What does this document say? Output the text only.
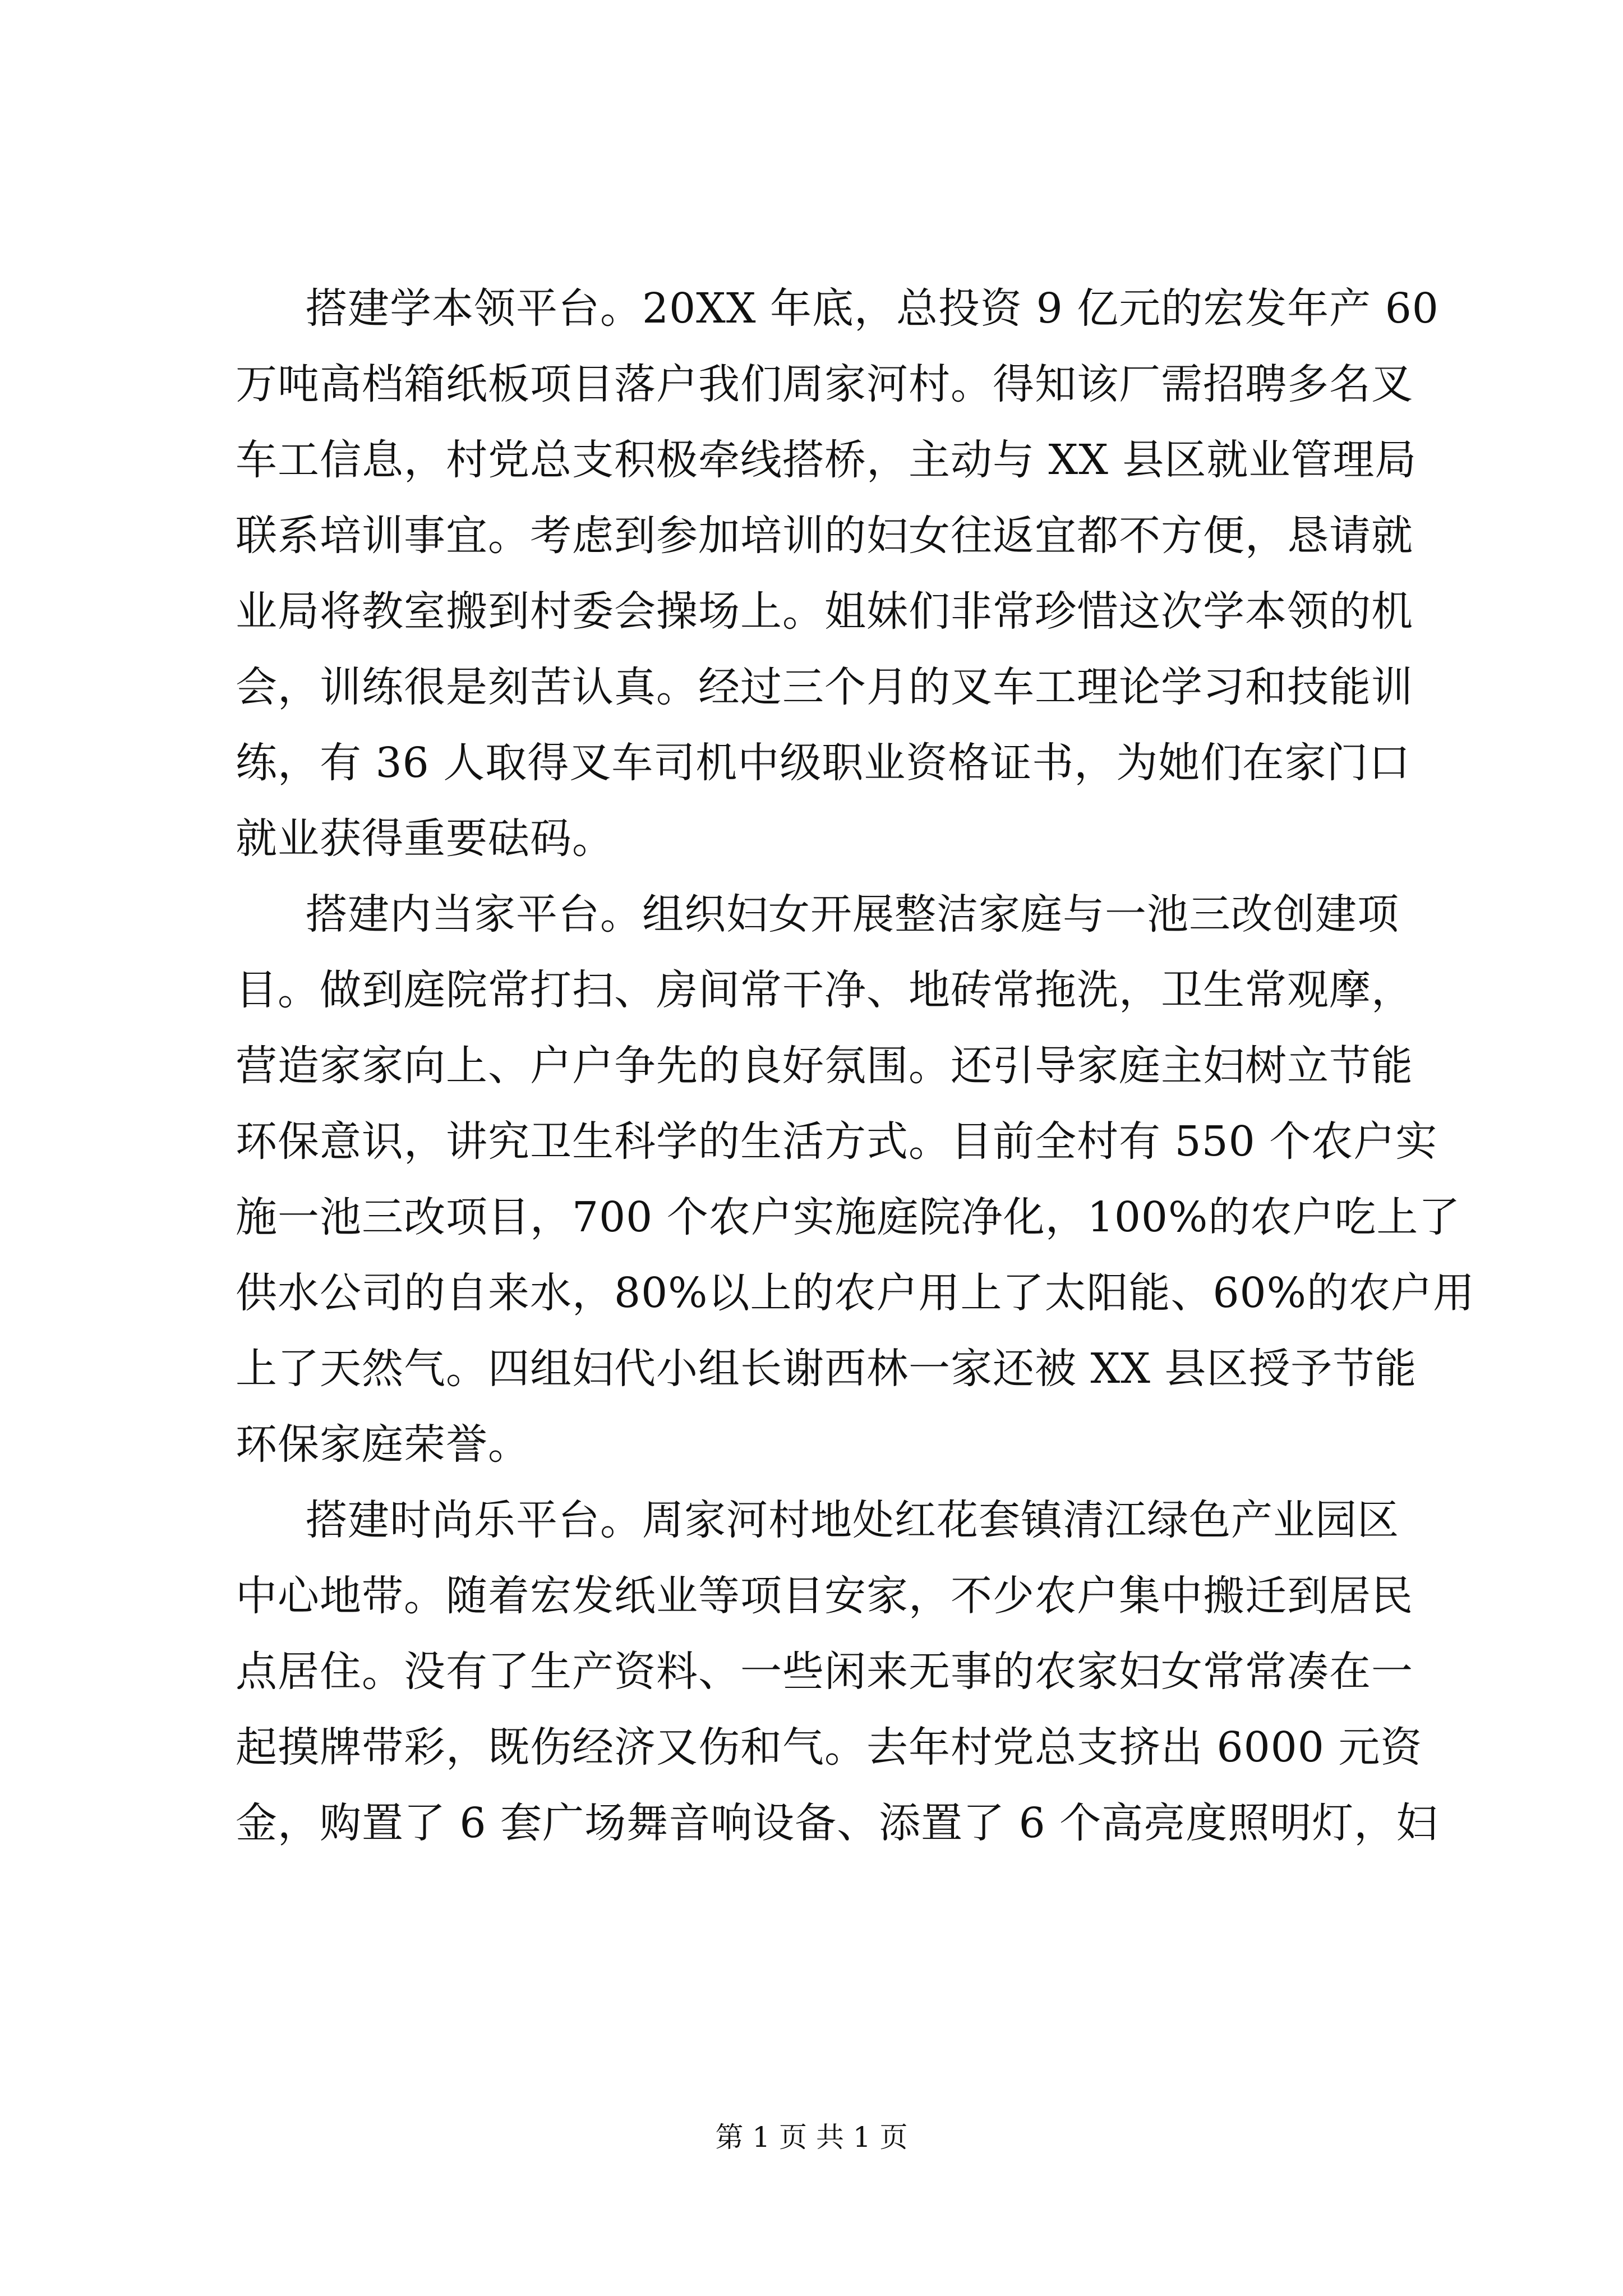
搭建学本领平台。20XX 年底，总投资 9 亿元的宏发年产 60
万吨高档箱纸板项目落户我们周家河村。得知该厂需招聘多名叉
车工信息，村党总支积极牵线搭桥，主动与 XX 县区就业管理局
联系培训事宜。考虑到参加培训的妇女往返宜都不方便，恳请就
业局将教室搬到村委会操场上。姐妹们非常珍惜这次学本领的机
会，训练很是刻苦认真。经过三个月的叉车工理论学习和技能训
练，有 36 人取得叉车司机中级职业资格证书，为她们在家门口
就业获得重要砝码。
搭建内当家平台。组织妇女开展整洁家庭与一池三改创建项
目。做到庭院常打扫、房间常干净、地砖常拖洗，卫生常观摩，
营造家家向上、户户争先的良好氛围。还引导家庭主妇树立节能
环保意识，讲究卫生科学的生活方式。目前全村有 550 个农户实
施一池三改项目，700 个农户实施庭院净化，100%的农户吃上了
供水公司的自来水，80%以上的农户用上了太阳能、60%的农户用
上了天然气。四组妇代小组长谢西林一家还被 XX 县区授予节能
环保家庭荣誉。
搭建时尚乐平台。周家河村地处红花套镇清江绿色产业园区
中心地带。随着宏发纸业等项目安家，不少农户集中搬迁到居民
点居住。没有了生产资料、一些闲来无事的农家妇女常常凑在一
起摸牌带彩，既伤经济又伤和气。去年村党总支挤出 6000 元资
金，购置了 6 套广场舞音响设备、添置了 6 个高亮度照明灯，妇
第 1 页 共 1 页
